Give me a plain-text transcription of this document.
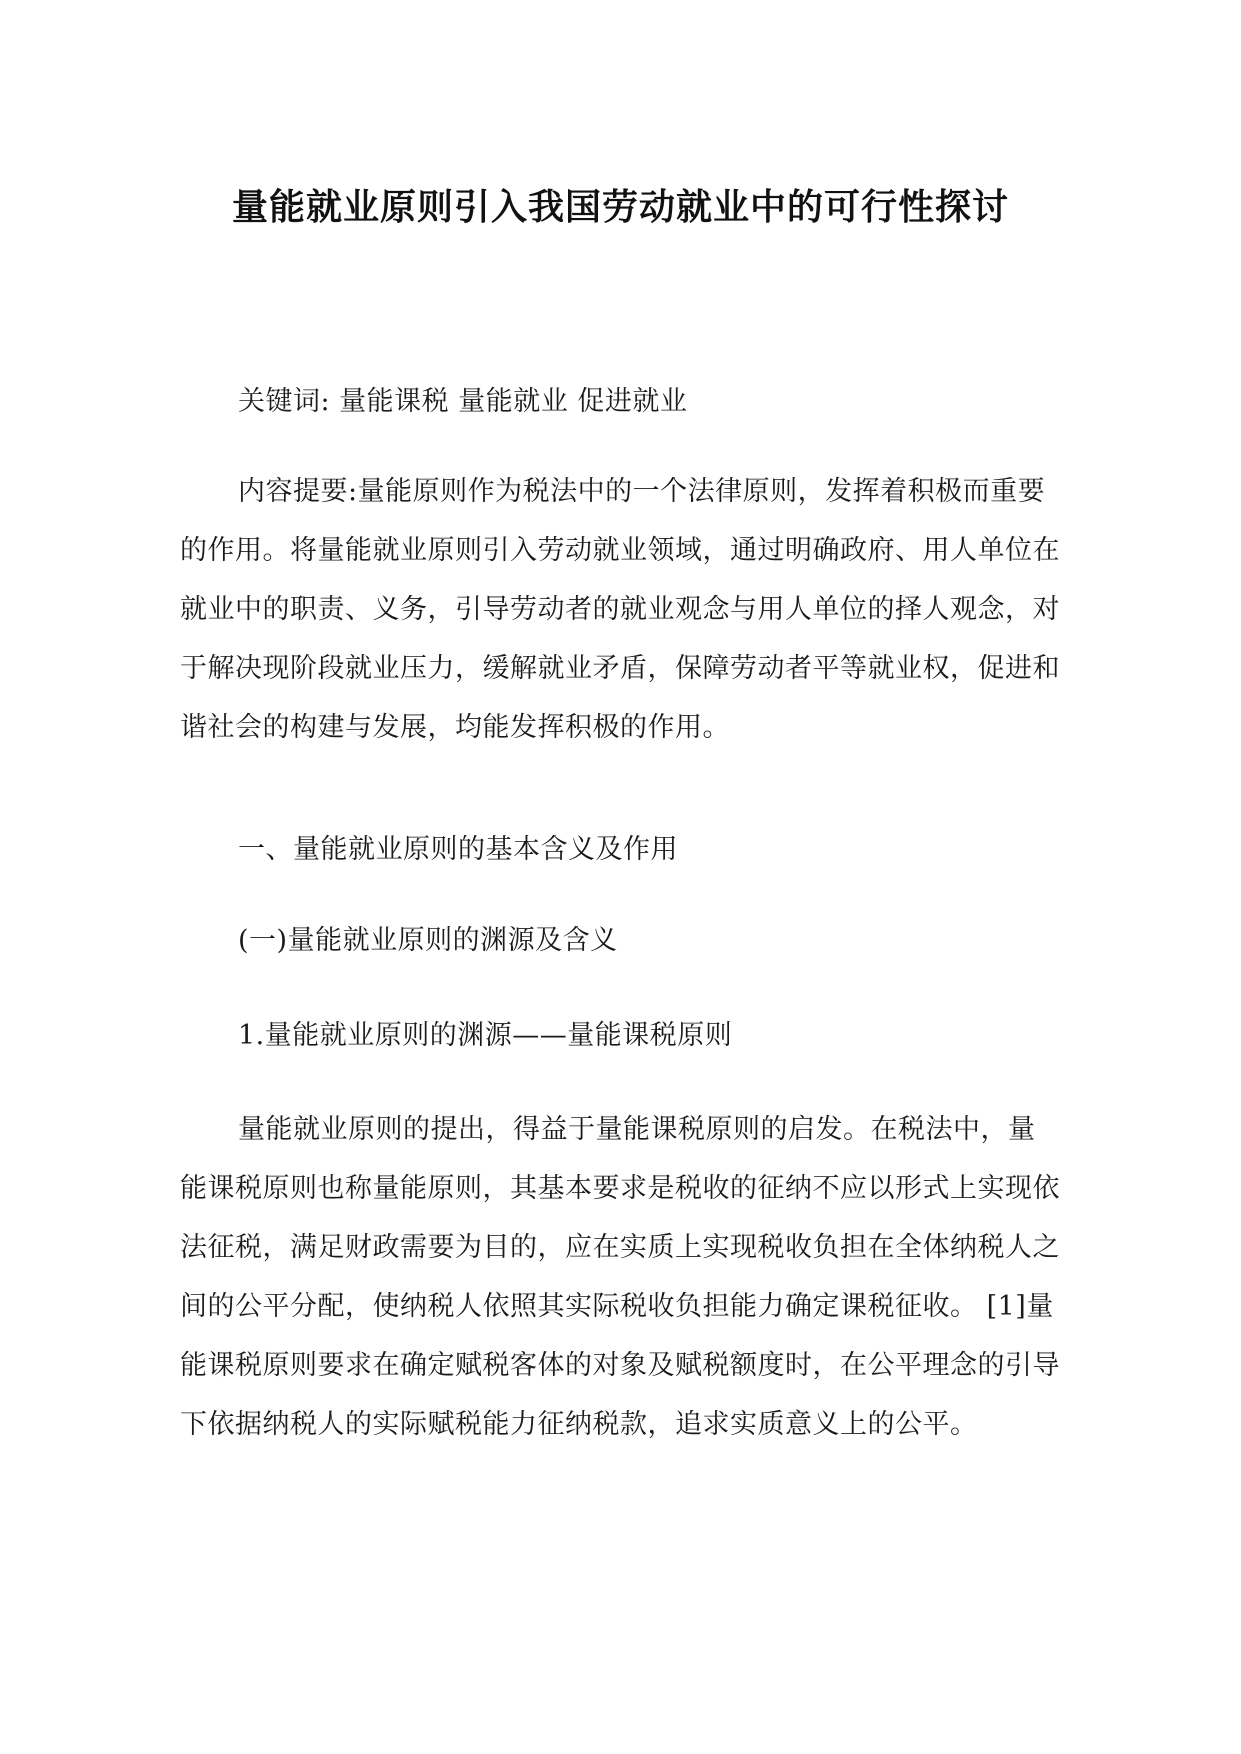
量能就业原则引入我国劳动就业中的可行性探讨

关键词: 量能课税 量能就业 促进就业

内容提要:量能原则作为税法中的一个法律原则，发挥着积极而重要的作用。将量能就业原则引入劳动就业领域，通过明确政府、用人单位在就业中的职责、义务，引导劳动者的就业观念与用人单位的择人观念，对于解决现阶段就业压力，缓解就业矛盾，保障劳动者平等就业权，促进和谐社会的构建与发展，均能发挥积极的作用。

一、量能就业原则的基本含义及作用

(一)量能就业原则的渊源及含义

1.量能就业原则的渊源——量能课税原则

量能就业原则的提出，得益于量能课税原则的启发。在税法中，量能课税原则也称量能原则，其基本要求是税收的征纳不应以形式上实现依法征税，满足财政需要为目的，应在实质上实现税收负担在全体纳税人之间的公平分配，使纳税人依照其实际税收负担能力确定课税征收。 [1]量能课税原则要求在确定赋税客体的对象及赋税额度时，在公平理念的引导下依据纳税人的实际赋税能力征纳税款，追求实质意义上的公平。
